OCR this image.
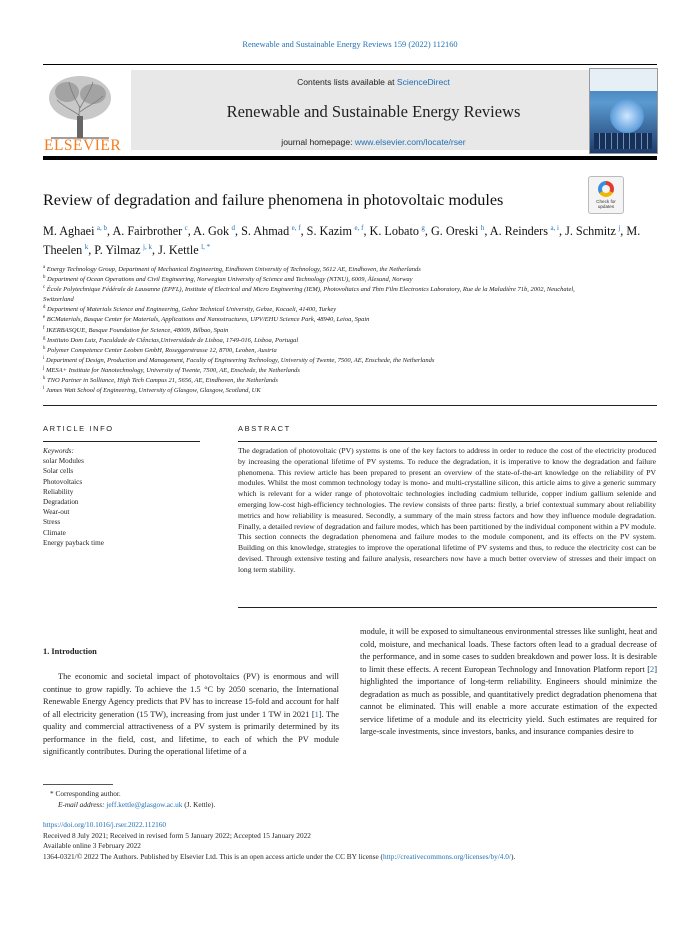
Renewable and Sustainable Energy Reviews 159 (2022) 112160
ELSEVIER
Contents lists available at ScienceDirect
Renewable and Sustainable Energy Reviews
journal homepage: www.elsevier.com/locate/rser
Review of degradation and failure phenomena in photovoltaic modules	Check for updates
M. Aghaei  $^{a, b}$, A. Fairbrother  $^c$, A. Gok  $^d$, S. Ahmad  $^{e, f}$, S. Kazim  $^{e, f}$, K. Lobato  $^g$, G. Oreski  $^h$, A. Reinders  $^{a, i}$, J. Schmitz  $^j$, M. Theelen  $^k$, P. Yilmaz  $^{j, k}$, J. Kettle  $^{l, *}$
$^a$ Energy Technology Group, Department of Mechanical Engineering, Eindhoven University of Technology, 5612 AE, Eindhoven, the Netherlands
$^b$ Department of Ocean Operations and Civil Engineering, Norwegian University of Science and Technology (NTNU), 6009, Ålesund, Norway
$^c$ École Polytechnique Fédérale de Lausanne (EPFL), Institute of Electrical and Micro Engineering (IEM), Photovoltaics and Thin Film Electronics Laboratory, Rue de la Maladière 71b, 2002, Neuchatel, Switzerland
$^d$ Department of Materials Science and Engineering, Gebze Technical University, Gebze, Kocaeli, 41400, Turkey
$^e$ BCMaterials, Basque Center for Materials, Applications and Nanostructures, UPV/EHU Science Park, 48940, Leioa, Spain
$^f$ IKERBASQUE, Basque Foundation for Science, 48009, Bilbao, Spain
$^g$ Instituto Dom Luiz, Faculdade de Ciências,Universidade de Lisboa, 1749-016, Lisboa, Portugal
$^h$ Polymer Competence Center Leoben GmbH, Roseggerstrasse 12, 8700, Leoben, Austria
$^i$ Department of Design, Production and Management, Faculty of Engineering Technology, University of Twente, 7500, AE, Enschede, the Netherlands
$^j$ MESA+ Institute for Nanotechnology, University of Twente, 7500, AE, Enschede, the Netherlands
$^k$ TNO Partner in Solliance, High Tech Campus 21, 5656, AE, Eindhoven, the Netherlands
$^l$ James Watt School of Engineering, University of Glasgow, Glasgow, Scotland, UK
ARTICLE INFO
Keywords:
solar Modules
Solar cells
Photovoltaics
Reliability
Degradation
Wear-out
Stress
Climate
Energy payback time
ABSTRACT
The degradation of photovoltaic (PV) systems is one of the key factors to address in order to reduce the cost of the electricity produced by increasing the operational lifetime of PV systems. To reduce the degradation, it is imperative to know the degradation and failure phenomena. This review article has been prepared to present an overview of the state-of-the-art knowledge on the reliability of PV modules. Whilst the most common technology today is mono- and multi-crystalline silicon, this article aims to give a generic summary which is relevant for a wider range of photovoltaic technologies including cadmium telluride, copper indium gallium selenide and emerging low-cost high-efficiency technologies. The review consists of three parts: firstly, a brief contextual summary about reliability metrics and how reliability is measured. Secondly, a summary of the main stress factors and how they influence module degradation. Finally, a detailed review of degradation and failure modes, which has been partitioned by the individual component within a PV module. This section connects the degradation phenomena and failure modes to the module component, and its effects on the PV system. Building on this knowledge, strategies to improve the operational lifetime of PV systems and thus, to reduce the electricity cost can be devised. Through extensive testing and failure analysis, researchers now have a much better overview of stresses and their impact on long term stability.
1. Introduction
The economic and societal impact of photovoltaics (PV) is enormous and will continue to grow rapidly. To achieve the 1.5 °C by 2050 scenario, the International Renewable Energy Agency predicts that PV has to increase 15-fold and account for half of all electricity generation (15 TW), increasing from just under 1 TW in 2021 [1]. The quality and commercial attractiveness of a PV system is primarily determined by its performance in the field, cost, and lifetime, to each of which the PV module significantly contributes. During the operational lifetime of a
module, it will be exposed to simultaneous environmental stresses like sunlight, heat and cold, moisture, and mechanical loads. These factors often lead to a gradual decrease of the performance, and in some cases to sudden breakdown and power loss. It is desirable to limit these effects. A recent European Technology and Innovation Platform report [2] highlighted the importance of long-term reliability. Engineers should minimize the degradation as much as possible, and quantitatively predict degradation phenomena that cannot be eliminated. This will enable a more accurate estimation of the expected service lifetime of a module and its electricity yield. Such estimates are required for large-scale investments, since investors, banks, and insurance companies desire to
* Corresponding author.
E-mail address: jeff.kettle@glasgow.ac.uk (J. Kettle).
https://doi.org/10.1016/j.rser.2022.112160
Received 8 July 2021; Received in revised form 5 January 2022; Accepted 15 January 2022
Available online 3 February 2022
1364-0321/© 2022 The Authors. Published by Elsevier Ltd. This is an open access article under the CC BY license (http://creativecommons.org/licenses/by/4.0/).
